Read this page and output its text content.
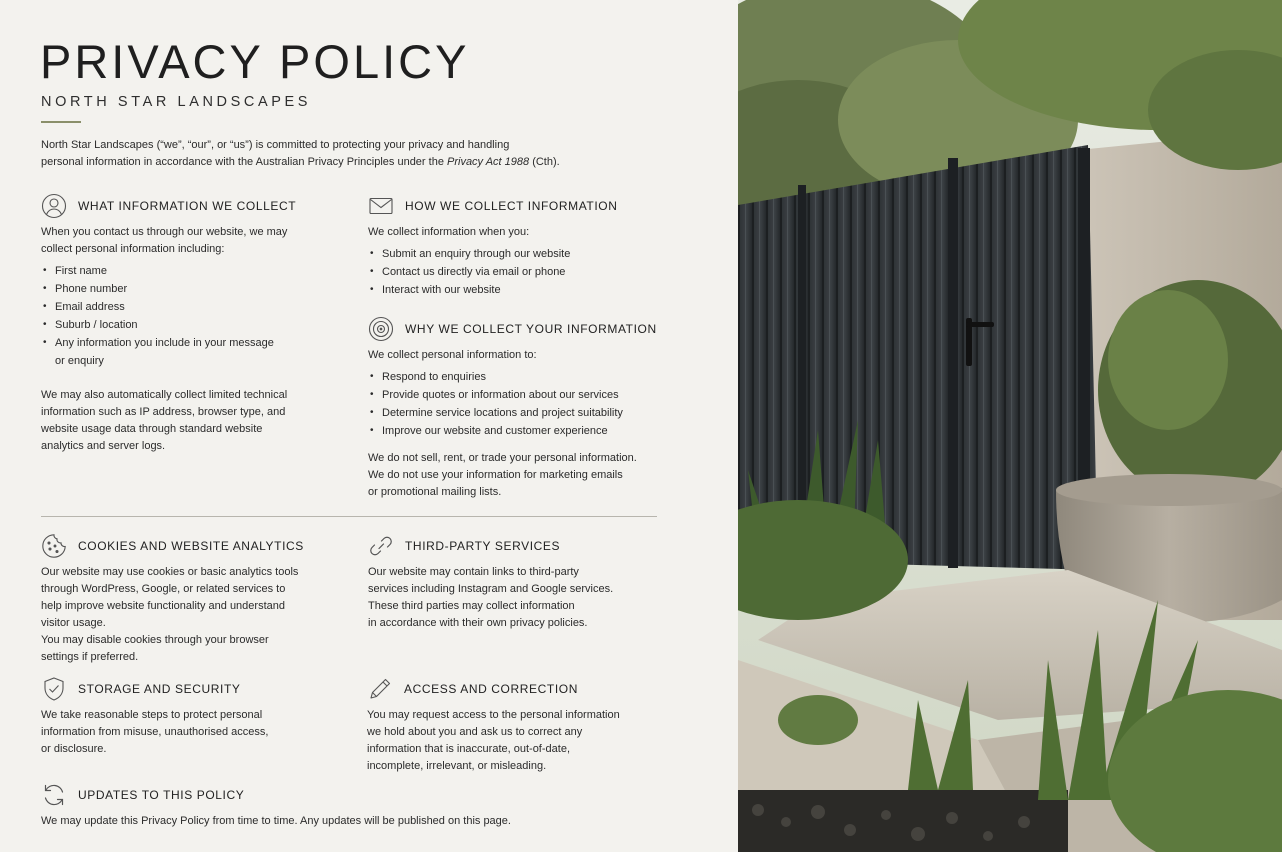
PRIVACY POLICY
NORTH STAR LANDSCAPES
North Star Landscapes (“we”, “our”, or “us”) is committed to protecting your privacy and handling
personal information in accordance with the Australian Privacy Principles under the Privacy Act 1988 (Cth).
WHAT INFORMATION WE COLLECT

When you contact us through our website, we may
collect personal information including:

• First name
• Phone number
• Email address
• Suburb / location
• Any information you include in your message
or enquiry

We may also automatically collect limited technical
information such as IP address, browser type, and
website usage data through standard website
analytics and server logs.

HOW WE COLLECT INFORMATION

We collect information when you:

• Submit an enquiry through our website
• Contact us directly via email or phone
• Interact with our website
WHY WE COLLECT YOUR INFORMATION

We collect personal information to:

• Respond to enquiries
• Provide quotes or information about our services
• Determine service locations and project suitability
• Improve our website and customer experience

We do not sell, rent, or trade your personal information.
We do not use your information for marketing emails
or promotional mailing lists.

COOKIES AND WEBSITE ANALYTICS

Our website may use cookies or basic analytics tools
through WordPress, Google, or related services to
help improve website functionality and understand
visitor usage.
You may disable cookies through your browser
settings if preferred.

THIRD-PARTY SERVICES

Our website may contain links to third-party
services including Instagram and Google services.
These third parties may collect information
in accordance with their own privacy policies.

STORAGE AND SECURITY

We take reasonable steps to protect personal
information from misuse, unauthorised access,
or disclosure.

ACCESS AND CORRECTION

You may request access to the personal information
we hold about you and ask us to correct any
information that is inaccurate, out-of-date,
incomplete, irrelevant, or misleading.

UPDATES TO THIS POLICY

We may update this Privacy Policy from time to time. Any updates will be published on this page.
